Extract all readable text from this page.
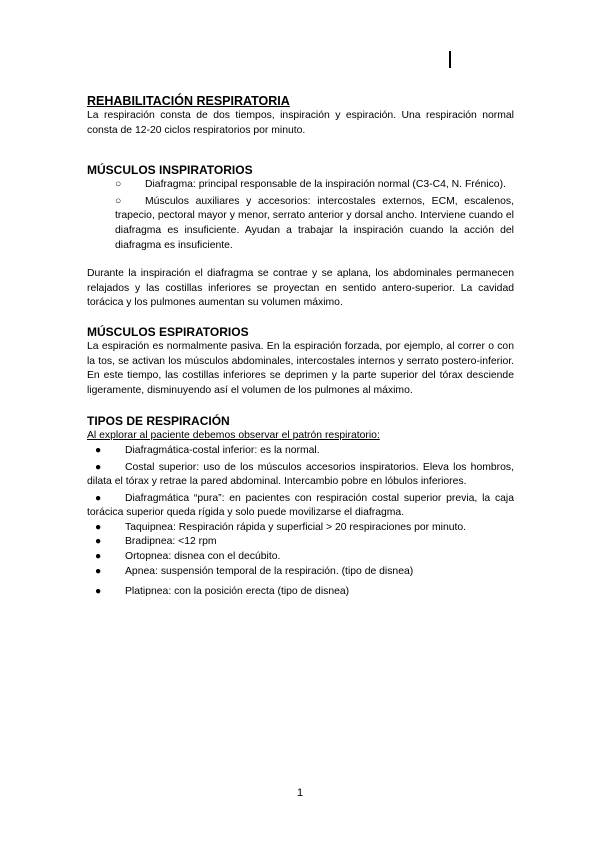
REHABILITACIÓN RESPIRATORIA

La respiración consta de dos tiempos, inspiración y espiración. Una respiración normal consta de 12-20 ciclos respiratorios por minuto.

MÚSCULOS INSPIRATORIOS
○ Diafragma: principal responsable de la inspiración normal (C3-C4, N. Frénico).
○ Músculos auxiliares y accesorios: intercostales externos, ECM, escalenos, trapecio, pectoral mayor y menor, serrato anterior y dorsal ancho. Interviene cuando el diafragma es insuficiente. Ayudan a trabajar la inspiración cuando la acción del diafragma es insuficiente.

Durante la inspiración el diafragma se contrae y se aplana, los abdominales permanecen relajados y las costillas inferiores se proyectan en sentido antero-superior. La cavidad torácica y los pulmones aumentan su volumen máximo.

MÚSCULOS ESPIRATORIOS

La espiración es normalmente pasiva. En la espiración forzada, por ejemplo, al correr o con la tos, se activan los músculos abdominales, intercostales internos y serrato postero-inferior. En este tiempo, las costillas inferiores se deprimen y la parte superior del tórax desciende ligeramente, disminuyendo así el volumen de los pulmones al máximo.

TIPOS DE RESPIRACIÓN

Al explorar al paciente debemos observar el patrón respiratorio:

● Diafragmática-costal inferior: es la normal.
● Costal superior: uso de los músculos accesorios inspiratorios. Eleva los hombros, dilata el tórax y retrae la pared abdominal. Intercambio pobre en lóbulos inferiores.
● Diafragmática “pura”: en pacientes con respiración costal superior previa, la caja torácica superior queda rígida y solo puede movilizarse el diafragma.
● Taquipnea: Respiración rápida y superficial > 20 respiraciones por minuto.
● Bradipnea: <12 rpm
● Ortopnea: disnea con el decúbito.
● Apnea: suspensión temporal de la respiración. (tipo de disnea)
● Platipnea: con la posición erecta (tipo de disnea)
1
